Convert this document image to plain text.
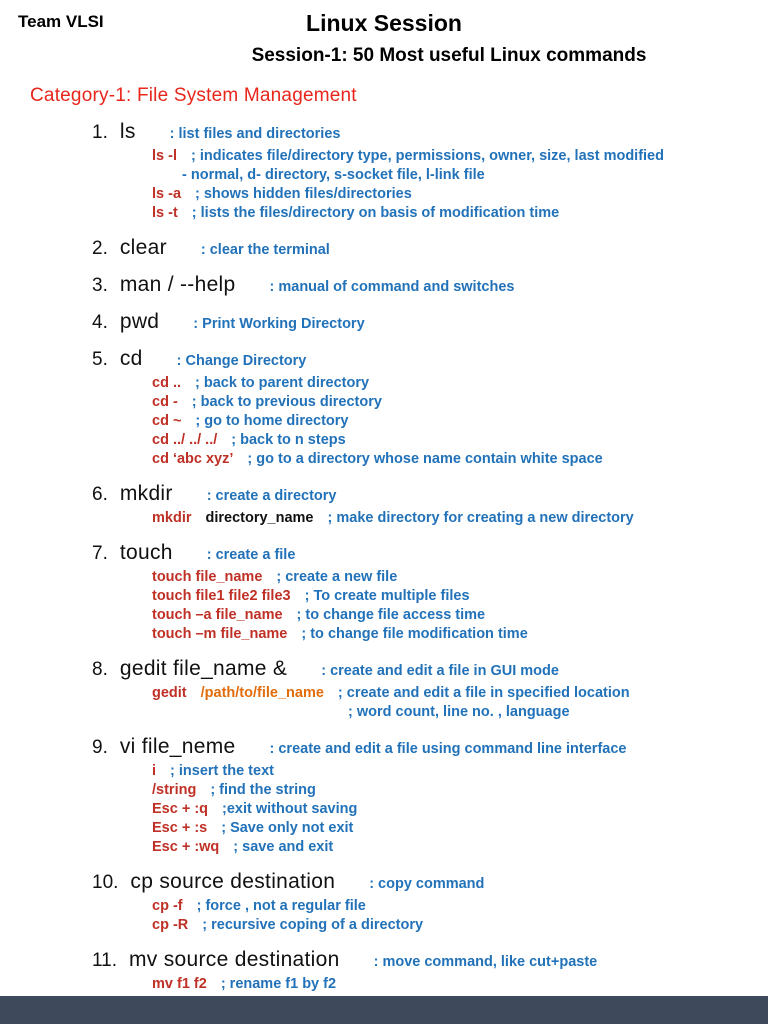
Team VLSI	Linux Session
Session-1: 50 Most useful Linux commands
Category-1: File System Management
1. ls : list files and directories
ls -l ; indicates file/directory type, permissions, owner, size, last modified
- normal, d- directory, s-socket file, l-link file
ls -a ; shows hidden files/directories
ls -t ; lists the files/directory on basis of modification time
2. clear : clear the terminal
3. man / --help : manual of command and switches
4. pwd : Print Working Directory
5. cd : Change Directory
cd .. ; back to parent directory
cd - ; back to previous directory
cd ~ ; go to home directory
cd ../ ../ ../ ; back to n steps
cd ‘abc xyz’ ; go to a directory whose name contain white space
6. mkdir : create a directory
mkdir directory_name ; make directory for creating a new directory
7. touch : create a file
touch file_name ; create a new file
touch file1 file2 file3 ; To create multiple files
touch –a file_name ; to change file access time
touch –m file_name ; to change file modification time
8. gedit file_name & : create and edit a file in GUI mode
gedit /path/to/file_name ; create and edit a file in specified location
; word count, line no. , language
9. vi file_neme : create and edit a file using command line interface
i ; insert the text
/string ; find the string
Esc + :q ;exit without saving
Esc + :s ; Save only not exit
Esc + :wq ; save and exit
10. cp source destination : copy command
cp -f ; force , not a regular file
cp -R ; recursive coping of a directory
11. mv source destination : move command, like cut+paste
mv f1 f2 ; rename f1 by f2
